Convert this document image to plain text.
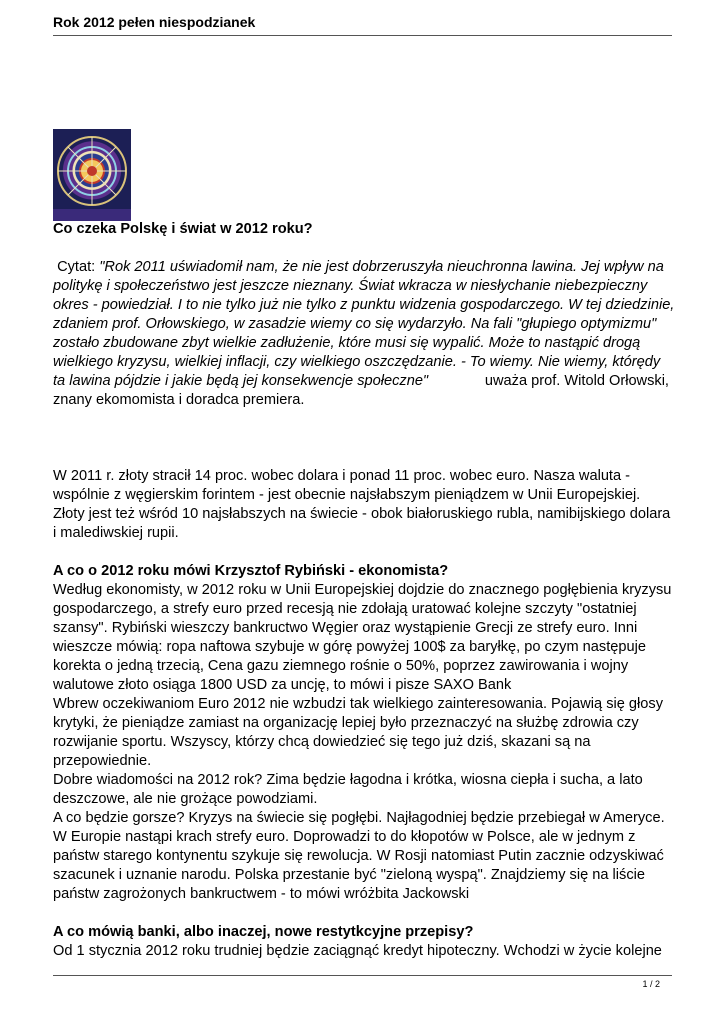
Rok 2012 pełen niespodzianek

Co czeka Polskę i świat w 2012 roku?

Cytat: "Rok 2011 uświadomił nam, że nie jest dobrzeruszyła nieuchronna lawina. Jej wpływ na politykę i społeczeństwo jest jeszcze nieznany. Świat wkracza w niesłychanie niebezpieczny okres - powiedział. I to nie tylko już nie tylko z punktu widzenia gospodarczego. W tej dziedzinie, zdaniem prof. Orłowskiego, w zasadzie wiemy co się wydarzyło. Na fali "głupiego optymizmu" zostało zbudowane zbyt wielkie zadłużenie, które musi się wypalić. Może to nastąpić drogą wielkiego kryzysu, wielkiej inflacji, czy wielkiego oszczędzanie. - To wiemy. Nie wiemy, którędy ta lawina pójdzie i jakie będą jej konsekwencje społeczne"	uważa prof. Witold Orłowski, znany ekomomista i doradca premiera.

W 2011 r. złoty stracił 14 proc. wobec dolara i ponad 11 proc. wobec euro. Nasza waluta - wspólnie z węgierskim forintem - jest obecnie najsłabszym pieniądzem w Unii Europejskiej. Złoty jest też wśród 10 najsłabszych na świecie - obok białoruskiego rubla, namibijskiego dolara i malediwskiej rupii.

A co o 2012 roku mówi Krzysztof Rybiński - ekonomista?

Według ekonomisty, w 2012 roku w Unii Europejskiej dojdzie do znacznego pogłębienia kryzysu gospodarczego, a strefy euro przed recesją nie zdołają uratować kolejne szczyty "ostatniej szansy". Rybiński wieszczy bankructwo Węgier oraz wystąpienie Grecji ze strefy euro. Inni wieszcze mówią: ropa naftowa szybuje w górę powyżej 100$ za baryłkę, po czym następuje korekta o jedną trzecią, Cena gazu ziemnego rośnie o 50%, poprzez zawirowania i wojny walutowe złoto osiąga 1800 USD za uncję, to mówi i pisze SAXO Bank

Wbrew oczekiwaniom Euro 2012 nie wzbudzi tak wielkiego zainteresowania. Pojawią się głosy krytyki, że pieniądze zamiast na organizację lepiej było przeznaczyć na służbę zdrowia czy rozwijanie sportu. Wszyscy, którzy chcą dowiedzieć się tego już dziś, skazani są na przepowiednie.

Dobre wiadomości na 2012 rok? Zima będzie łagodna i krótka, wiosna ciepła i sucha, a lato deszczowe, ale nie grożące powodziami.

A co będzie gorsze? Kryzys na świecie się pogłębi. Najłagodniej będzie przebiegał w Ameryce. W Europie nastąpi krach strefy euro. Doprowadzi to do kłopotów w Polsce, ale w jednym z państw starego kontynentu szykuje się rewolucja. W Rosji natomiast Putin zacznie odzyskiwać szacunek i uznanie narodu. Polska przestanie być "zieloną wyspą". Znajdziemy się na liście państw zagrożonych bankructwem - to mówi wróżbita Jackowski

A co mówią banki, albo inaczej, nowe restytkcyjne przepisy?

Od 1 stycznia 2012 roku trudniej będzie zaciągnąć kredyt hipoteczny. Wchodzi w życie kolejne

1 / 2
